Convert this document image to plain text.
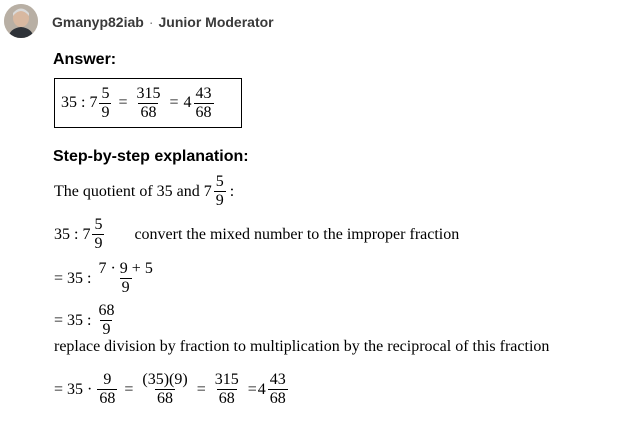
Gmanyp82iab · Junior Moderator
Answer:
35 : $7 \frac{5}{9} = \frac{315}{68} = 4 \frac{43}{68}$
Step-by-step explanation:
The quotient of 35 and $7 \frac{5}{9}$ :
35 : $7 \frac{5}{9}$ convert the mixed number to the improper fraction
= 35 : $\frac{7 \cdot 9 + 5}{9}$
= 35 : $\frac{68}{9}$
replace division by fraction to multiplication by the reciprocal of this fraction
= $35 \cdot \frac{9}{68} = \frac{(35)(9)}{68} = \frac{315}{68} = 4 \frac{43}{68}$
